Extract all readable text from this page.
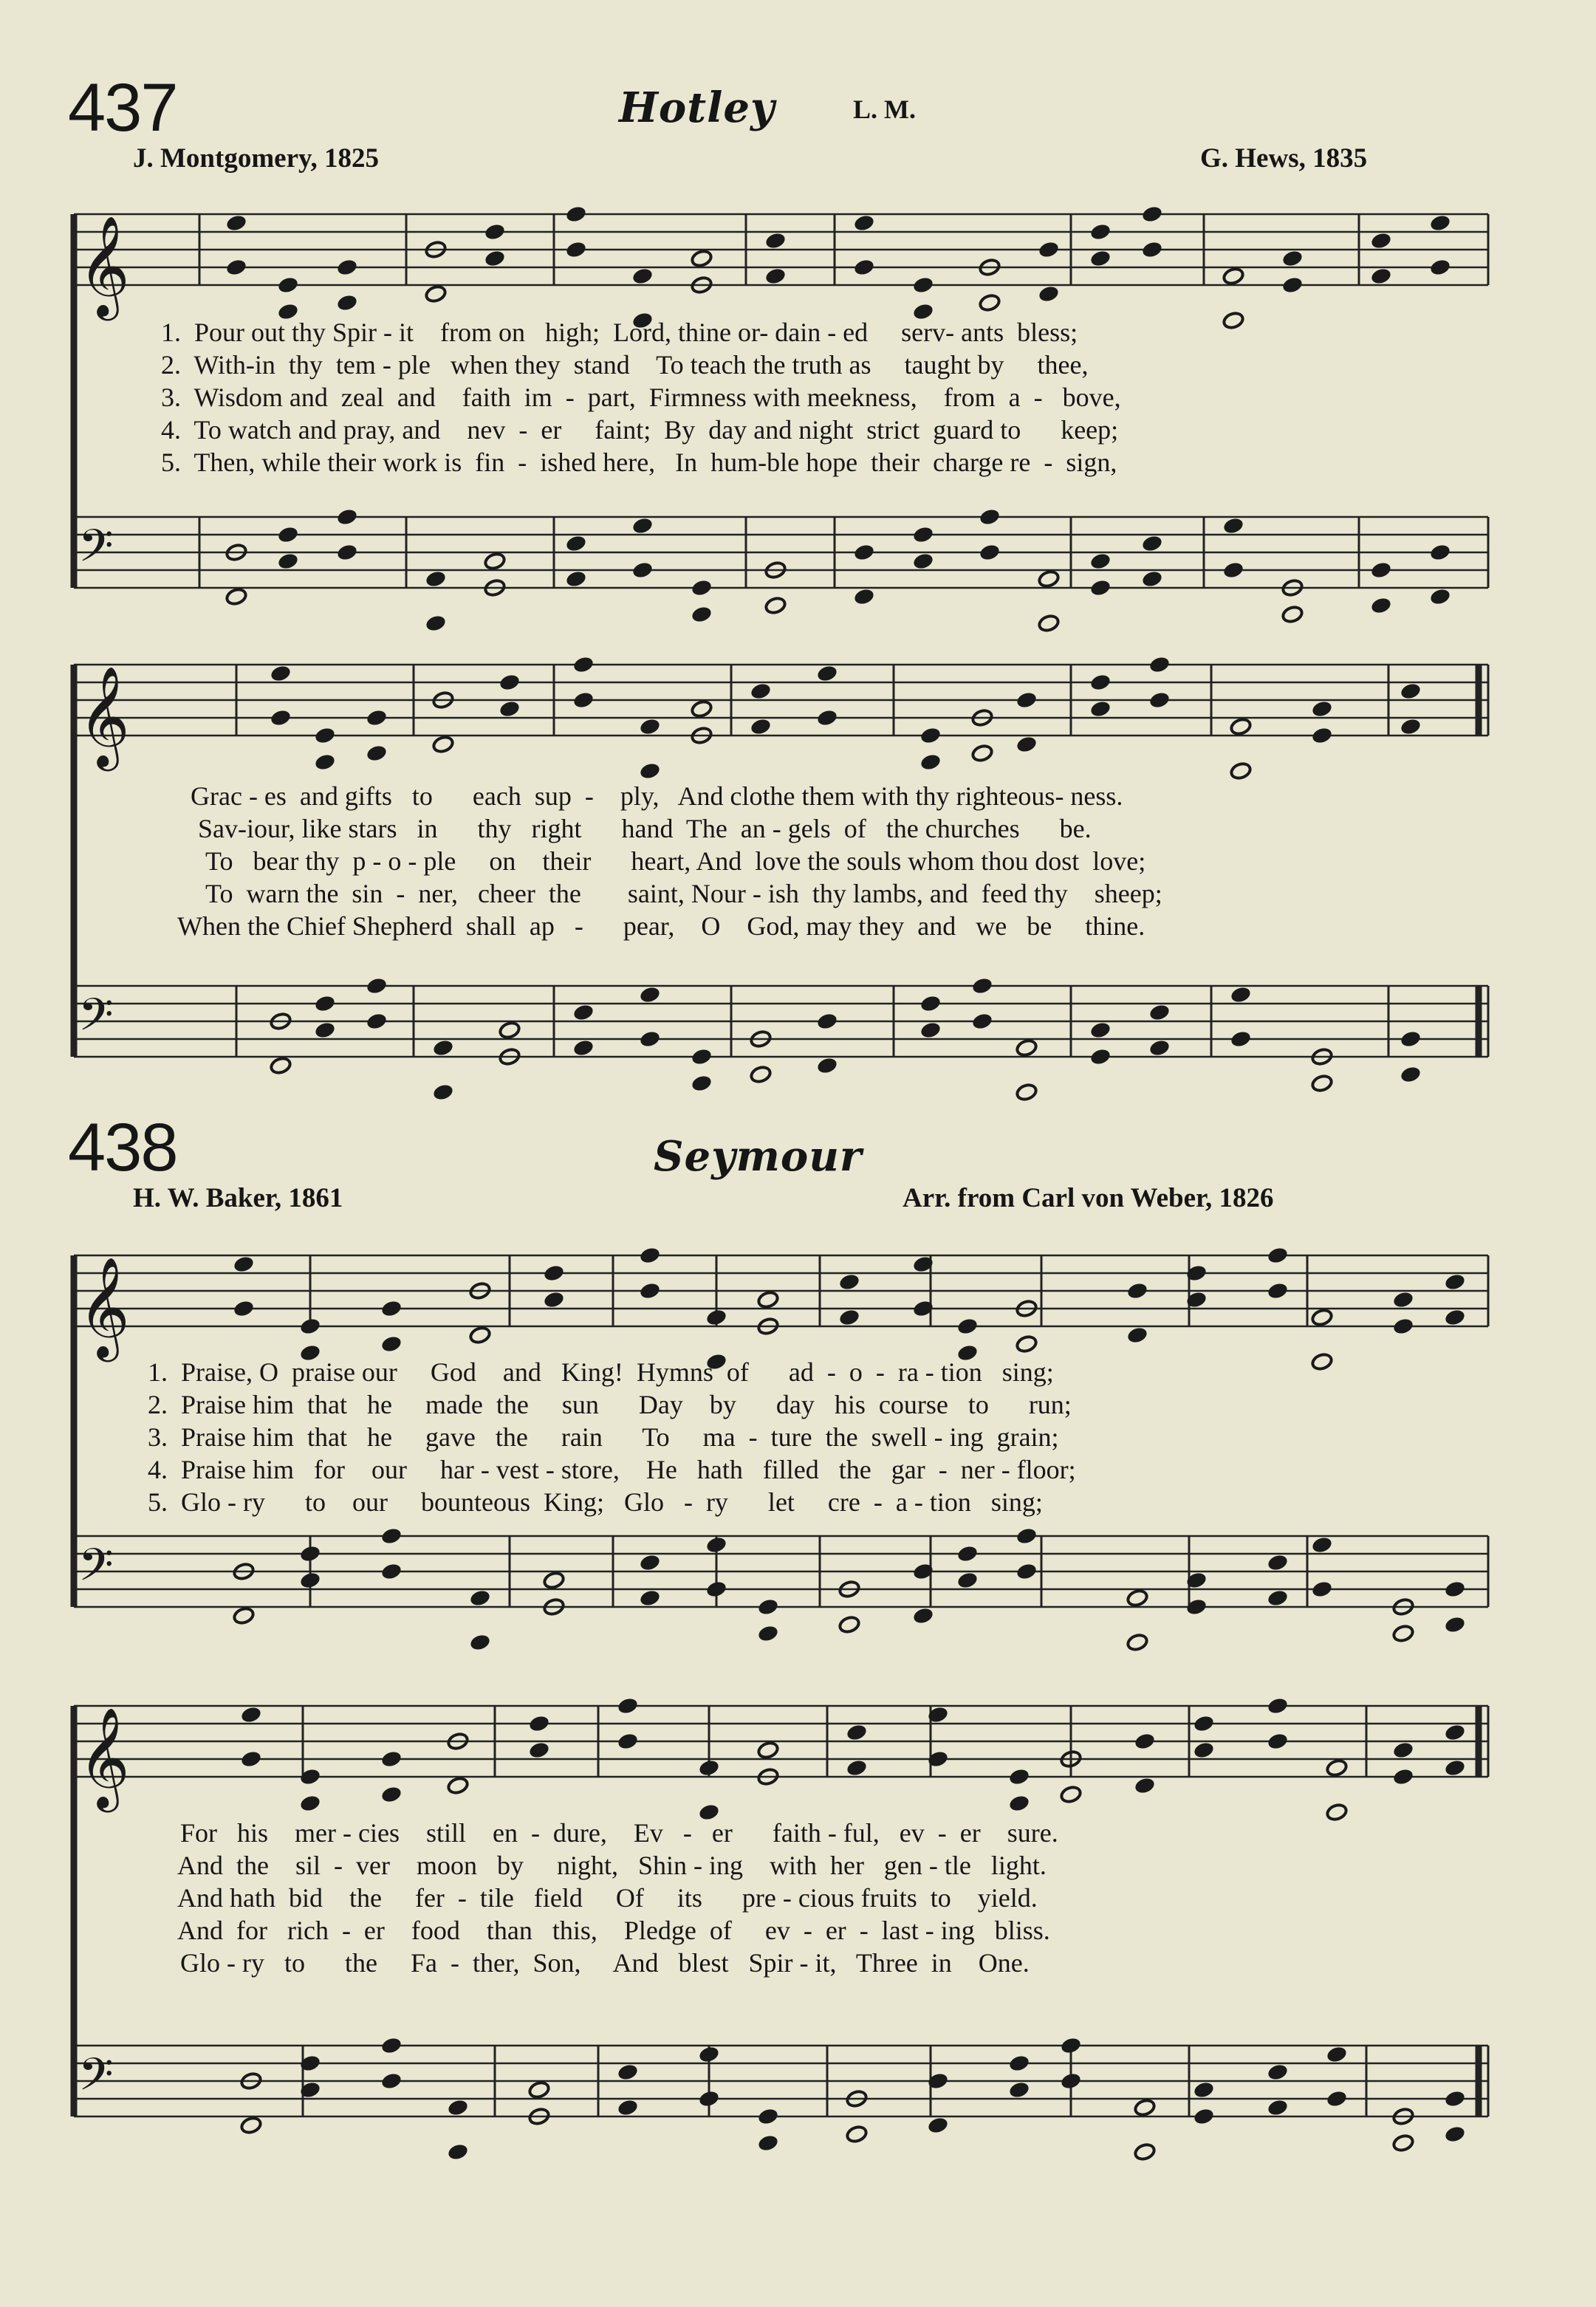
437	Hotley	L. M.
J. Montgomery, 1825	G. Hews, 1835
𝄞
𝄢
1.  Pour out thy Spir - it    from on   high;  Lord, thine or- dain - ed     serv- ants  bless;
2.  With-in  thy  tem - ple   when they  stand    To teach the truth as     taught by     thee,
3.  Wisdom and  zeal  and    faith  im  -  part,  Firmness with meekness,    from  a  -   bove,
4.  To watch and pray, and    nev  -  er     faint;  By  day and night  strict  guard to      keep;
5.  Then, while their work is  fin  -  ished here,   In  hum-ble hope  their  charge re  -  sign,
𝄞
𝄢
Grac - es  and gifts   to      each  sup  -    ply,   And clothe them with thy righteous- ness.
Sav-iour, like stars   in      thy   right      hand  The  an - gels  of   the churches      be.
To   bear thy  p - o - ple     on    their      heart, And  love the souls whom thou dost  love;
To  warn the  sin  -  ner,   cheer  the       saint, Nour - ish  thy lambs, and  feed thy    sheep;
When the Chief Shepherd  shall  ap   -      pear,    O    God, may they  and   we   be     thine.
438	Seymour
H. W. Baker, 1861	Arr. from Carl von Weber, 1826
𝄞
𝄢
1.  Praise, O  praise our     God    and   King!  Hymns  of      ad  -  o  -  ra - tion   sing;
2.  Praise him  that   he     made  the     sun      Day    by      day   his  course   to      run;
3.  Praise him  that   he     gave   the     rain      To     ma  -  ture  the  swell - ing  grain;
4.  Praise him   for    our     har - vest - store,    He   hath   filled   the   gar  -  ner - floor;
5.  Glo - ry      to    our     bounteous  King;   Glo   -  ry      let     cre  -  a - tion   sing;
𝄞
𝄢
For   his    mer - cies    still    en  -  dure,    Ev   -   er      faith - ful,   ev  -  er    sure.
And  the    sil  -  ver    moon   by     night,   Shin - ing    with  her   gen - tle   light.
And hath  bid    the     fer  -  tile   field     Of     its      pre - cious fruits  to    yield.
And  for   rich  -  er    food    than   this,    Pledge  of     ev  -  er  -  last - ing   bliss.
Glo - ry   to      the     Fa  -  ther,  Son,     And   blest   Spir - it,   Three  in    One.
